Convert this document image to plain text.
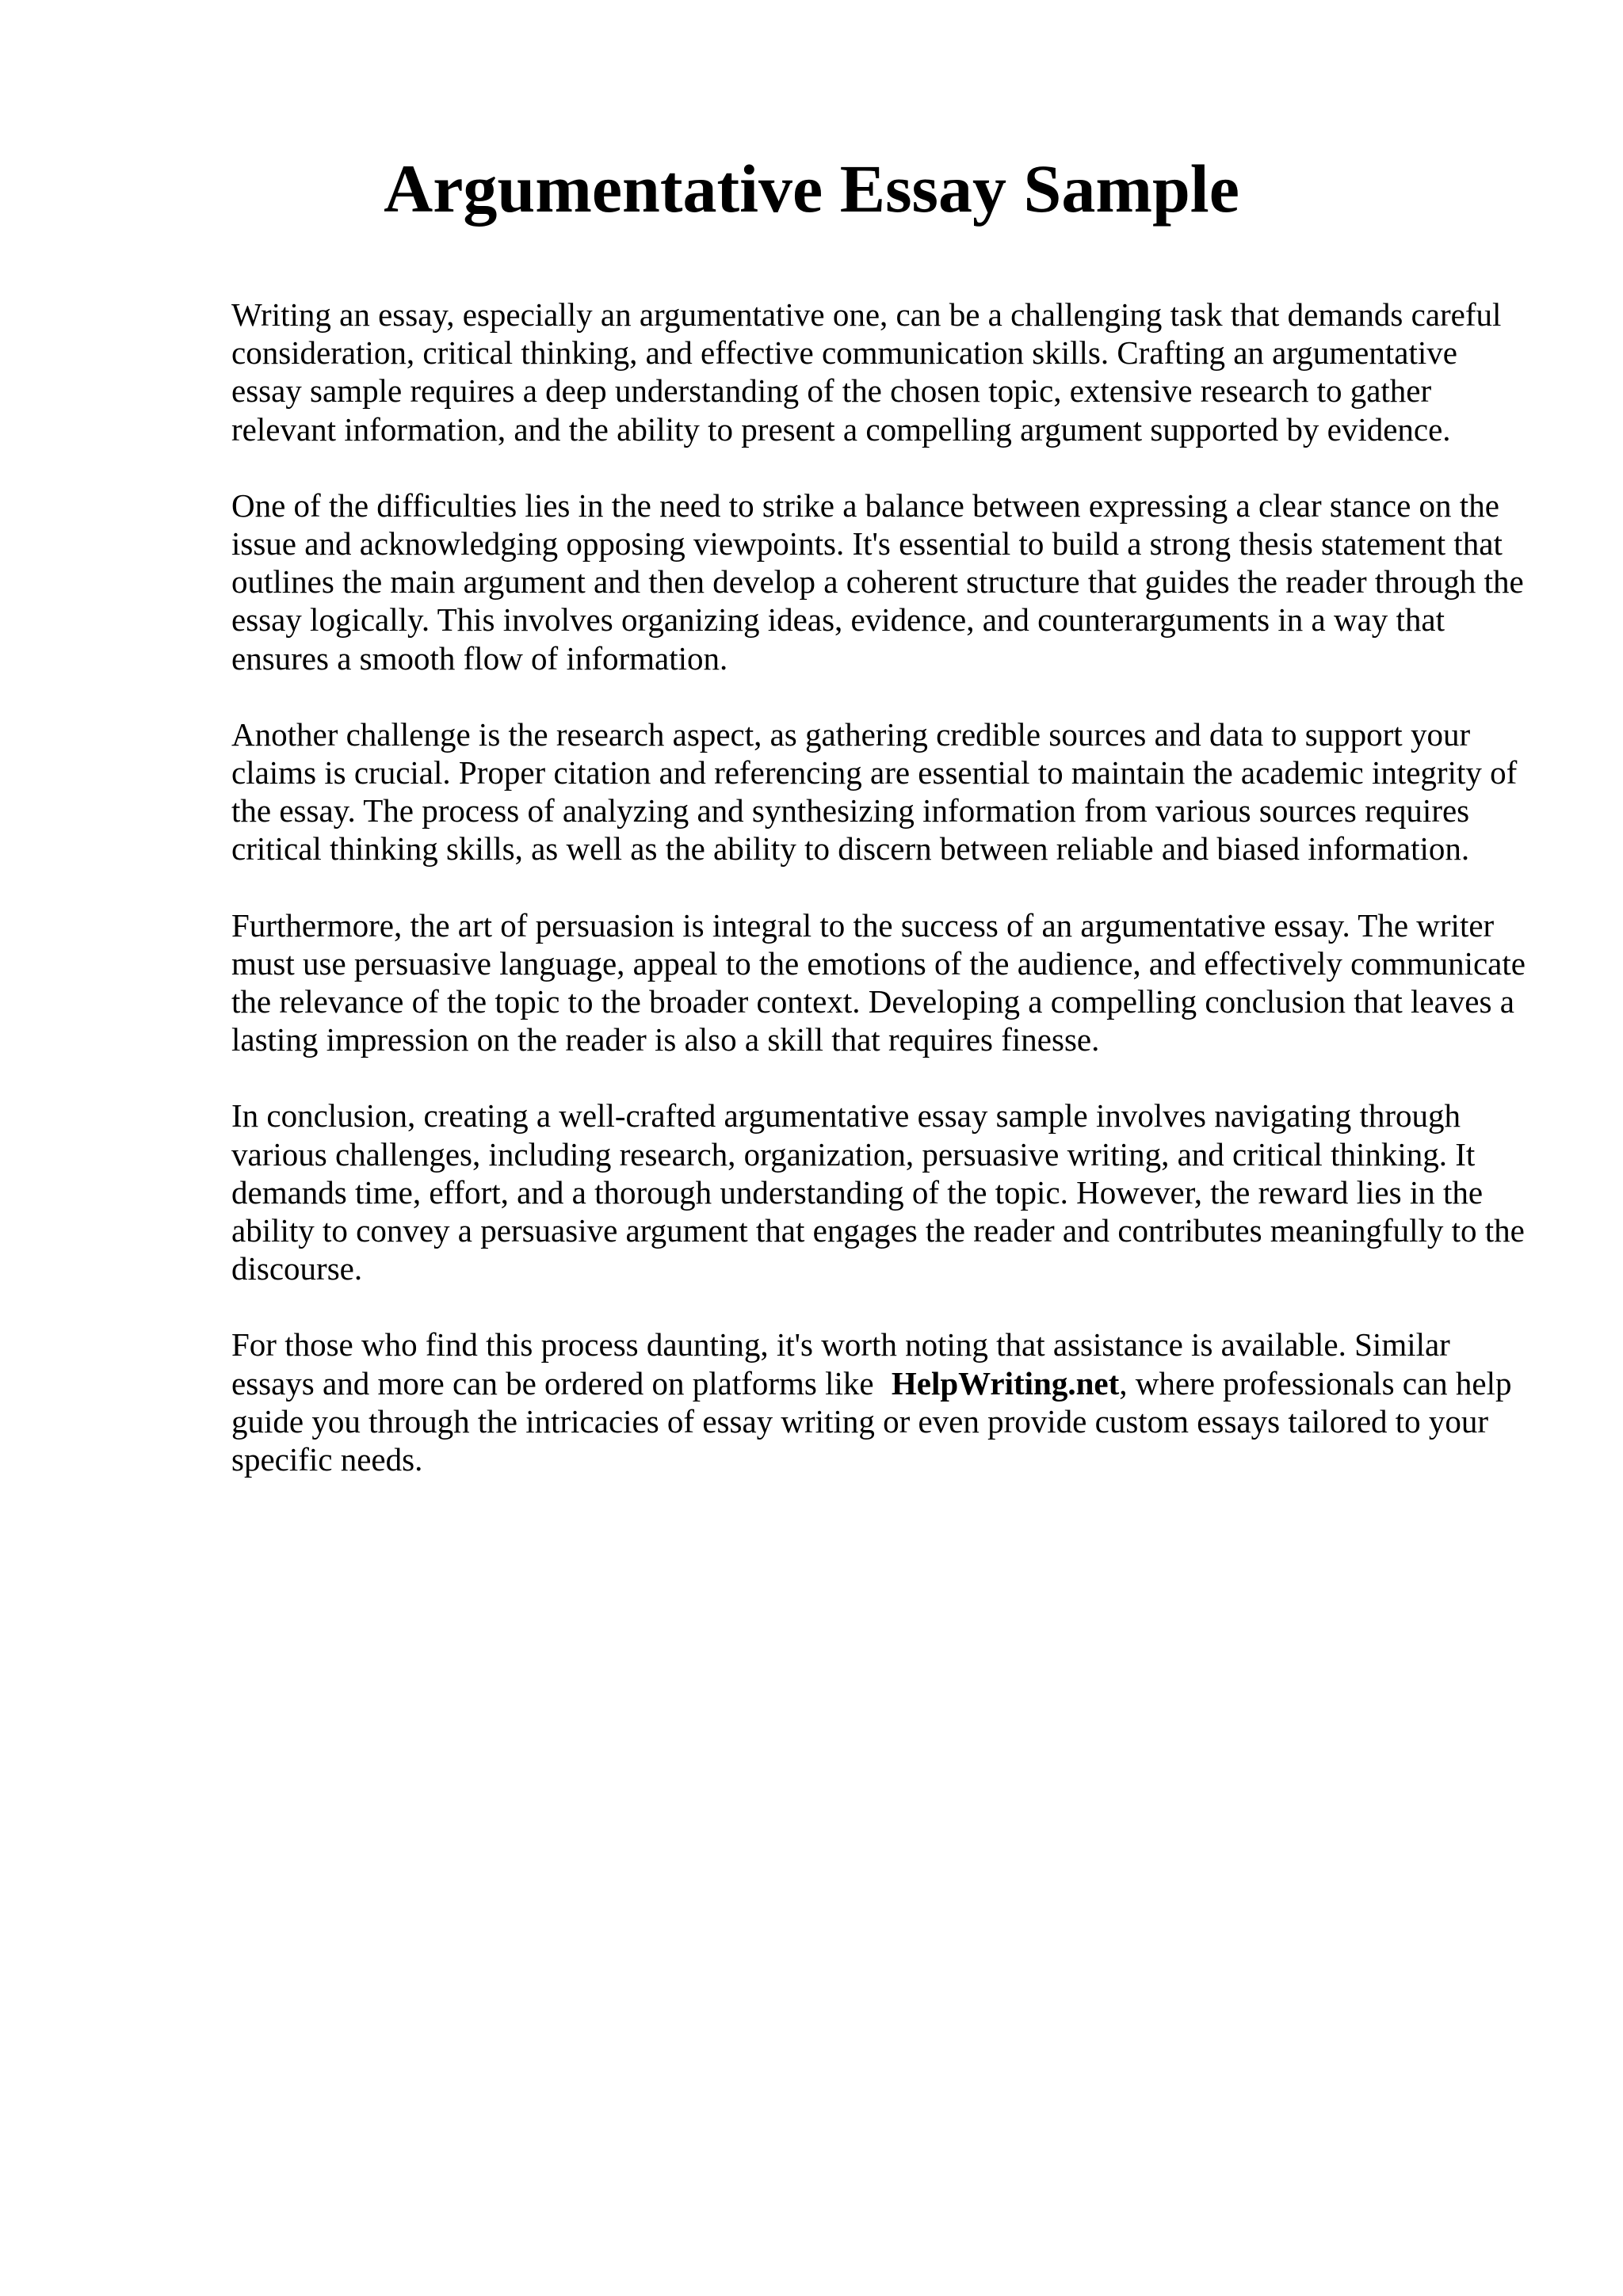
Argumentative Essay Sample

Writing an essay, especially an argumentative one, can be a challenging task that demands careful consideration, critical thinking, and effective communication skills. Crafting an argumentative essay sample requires a deep understanding of the chosen topic, extensive research to gather relevant information, and the ability to present a compelling argument supported by evidence.

One of the difficulties lies in the need to strike a balance between expressing a clear stance on the issue and acknowledging opposing viewpoints. It's essential to build a strong thesis statement that outlines the main argument and then develop a coherent structure that guides the reader through the essay logically. This involves organizing ideas, evidence, and counterarguments in a way that ensures a smooth flow of information.

Another challenge is the research aspect, as gathering credible sources and data to support your claims is crucial. Proper citation and referencing are essential to maintain the academic integrity of the essay. The process of analyzing and synthesizing information from various sources requires critical thinking skills, as well as the ability to discern between reliable and biased information.

Furthermore, the art of persuasion is integral to the success of an argumentative essay. The writer must use persuasive language, appeal to the emotions of the audience, and effectively communicate the relevance of the topic to the broader context. Developing a compelling conclusion that leaves a lasting impression on the reader is also a skill that requires finesse.

In conclusion, creating a well-crafted argumentative essay sample involves navigating through various challenges, including research, organization, persuasive writing, and critical thinking. It demands time, effort, and a thorough understanding of the topic. However, the reward lies in the ability to convey a persuasive argument that engages the reader and contributes meaningfully to the discourse.

For those who find this process daunting, it's worth noting that assistance is available. Similar essays and more can be ordered on platforms like HelpWriting.net, where professionals can help guide you through the intricacies of essay writing or even provide custom essays tailored to your specific needs.
